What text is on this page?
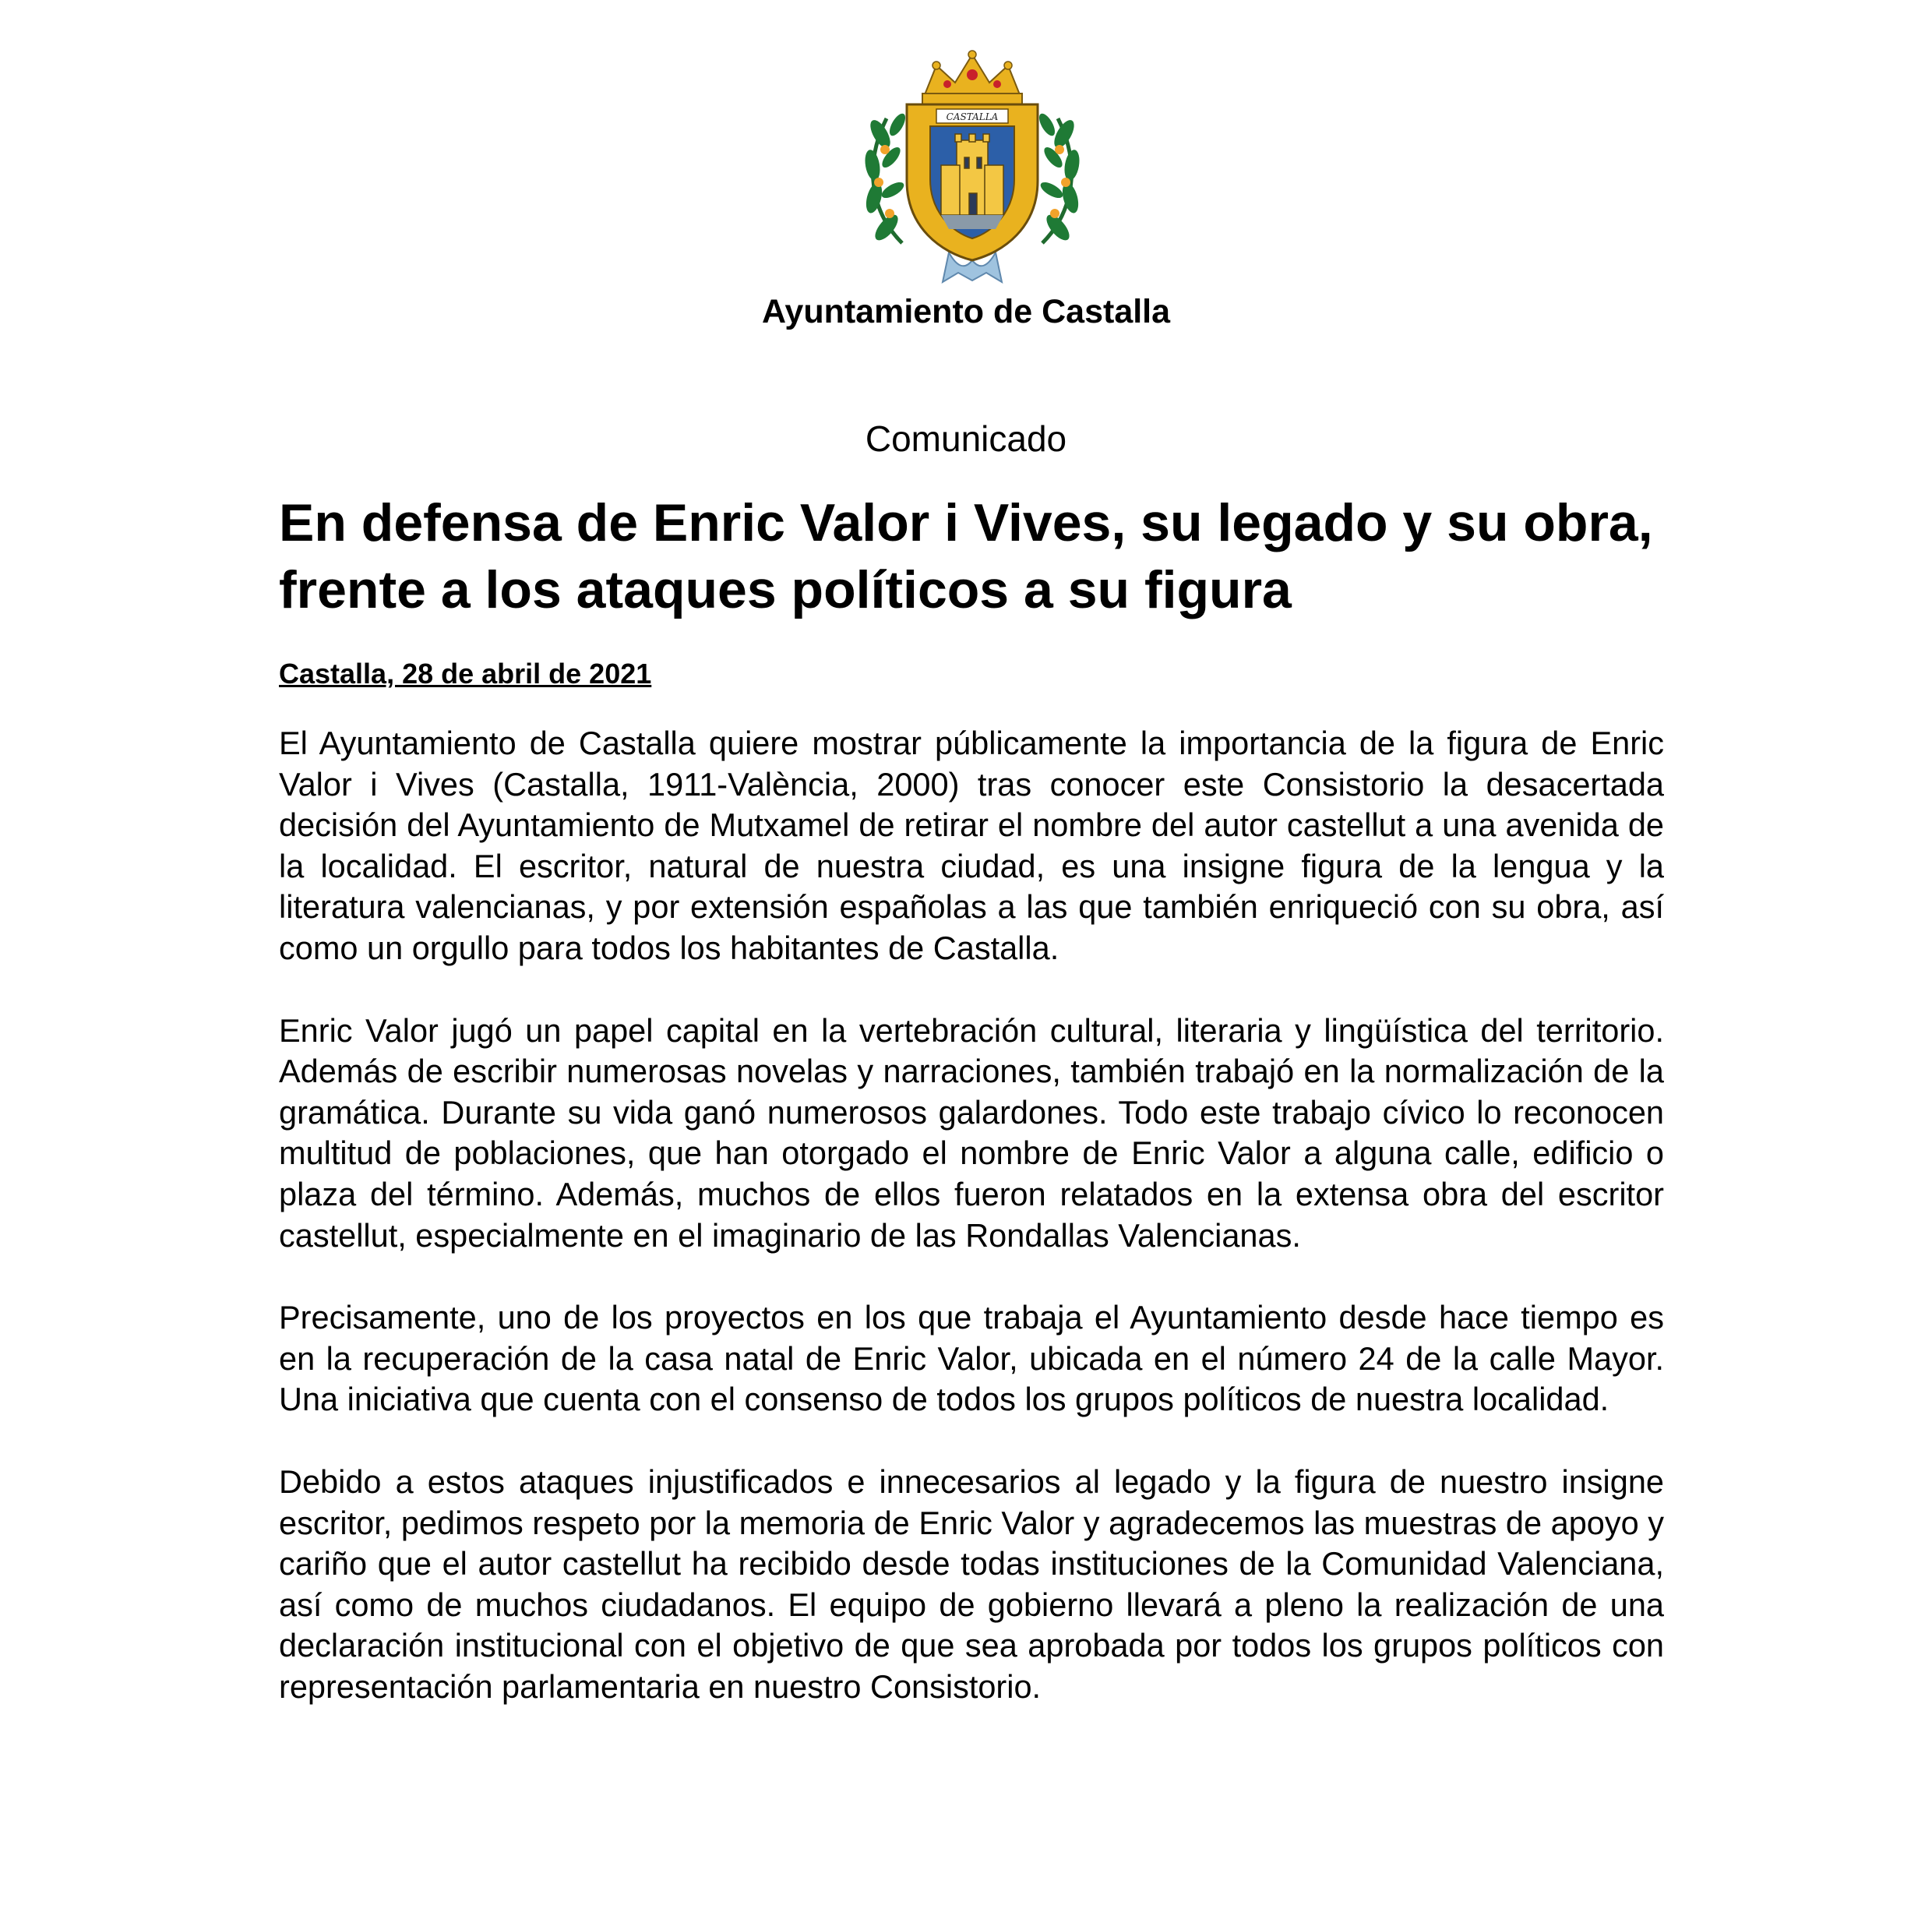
CASTALLA
Ayuntamiento de Castalla
Comunicado
En defensa de Enric Valor i Vives, su legado y su obra, frente a los ataques políticos a su figura
Castalla, 28 de abril de 2021

El Ayuntamiento de Castalla quiere mostrar públicamente la importancia de la figura de Enric Valor i Vives (Castalla, 1911-València, 2000) tras conocer este Consistorio la desacertada decisión del Ayuntamiento de Mutxamel de retirar el nombre del autor castellut a una avenida de la localidad. El escritor, natural de nuestra ciudad, es una insigne figura de la lengua y la literatura valencianas, y por extensión españolas a las que también enriqueció con su obra, así como un orgullo para todos los habitantes de Castalla.

Enric Valor jugó un papel capital en la vertebración cultural, literaria y lingüística del territorio. Además de escribir numerosas novelas y narraciones, también trabajó en la normalización de la gramática. Durante su vida ganó numerosos galardones. Todo este trabajo cívico lo reconocen multitud de poblaciones, que han otorgado el nombre de Enric Valor a alguna calle, edificio o plaza del término. Además, muchos de ellos fueron relatados en la extensa obra del escritor castellut, especialmente en el imaginario de las Rondallas Valencianas.

Precisamente, uno de los proyectos en los que trabaja el Ayuntamiento desde hace tiempo es en la recuperación de la casa natal de Enric Valor, ubicada en el número 24 de la calle Mayor. Una iniciativa que cuenta con el consenso de todos los grupos políticos de nuestra localidad.

Debido a estos ataques injustificados e innecesarios al legado y la figura de nuestro insigne escritor, pedimos respeto por la memoria de Enric Valor y agradecemos las muestras de apoyo y cariño que el autor castellut ha recibido desde todas instituciones de la Comunidad Valenciana, así como de muchos ciudadanos. El equipo de gobierno llevará a pleno la realización de una declaración institucional con el objetivo de que sea aprobada por todos los grupos políticos con representación parlamentaria en nuestro Consistorio.
